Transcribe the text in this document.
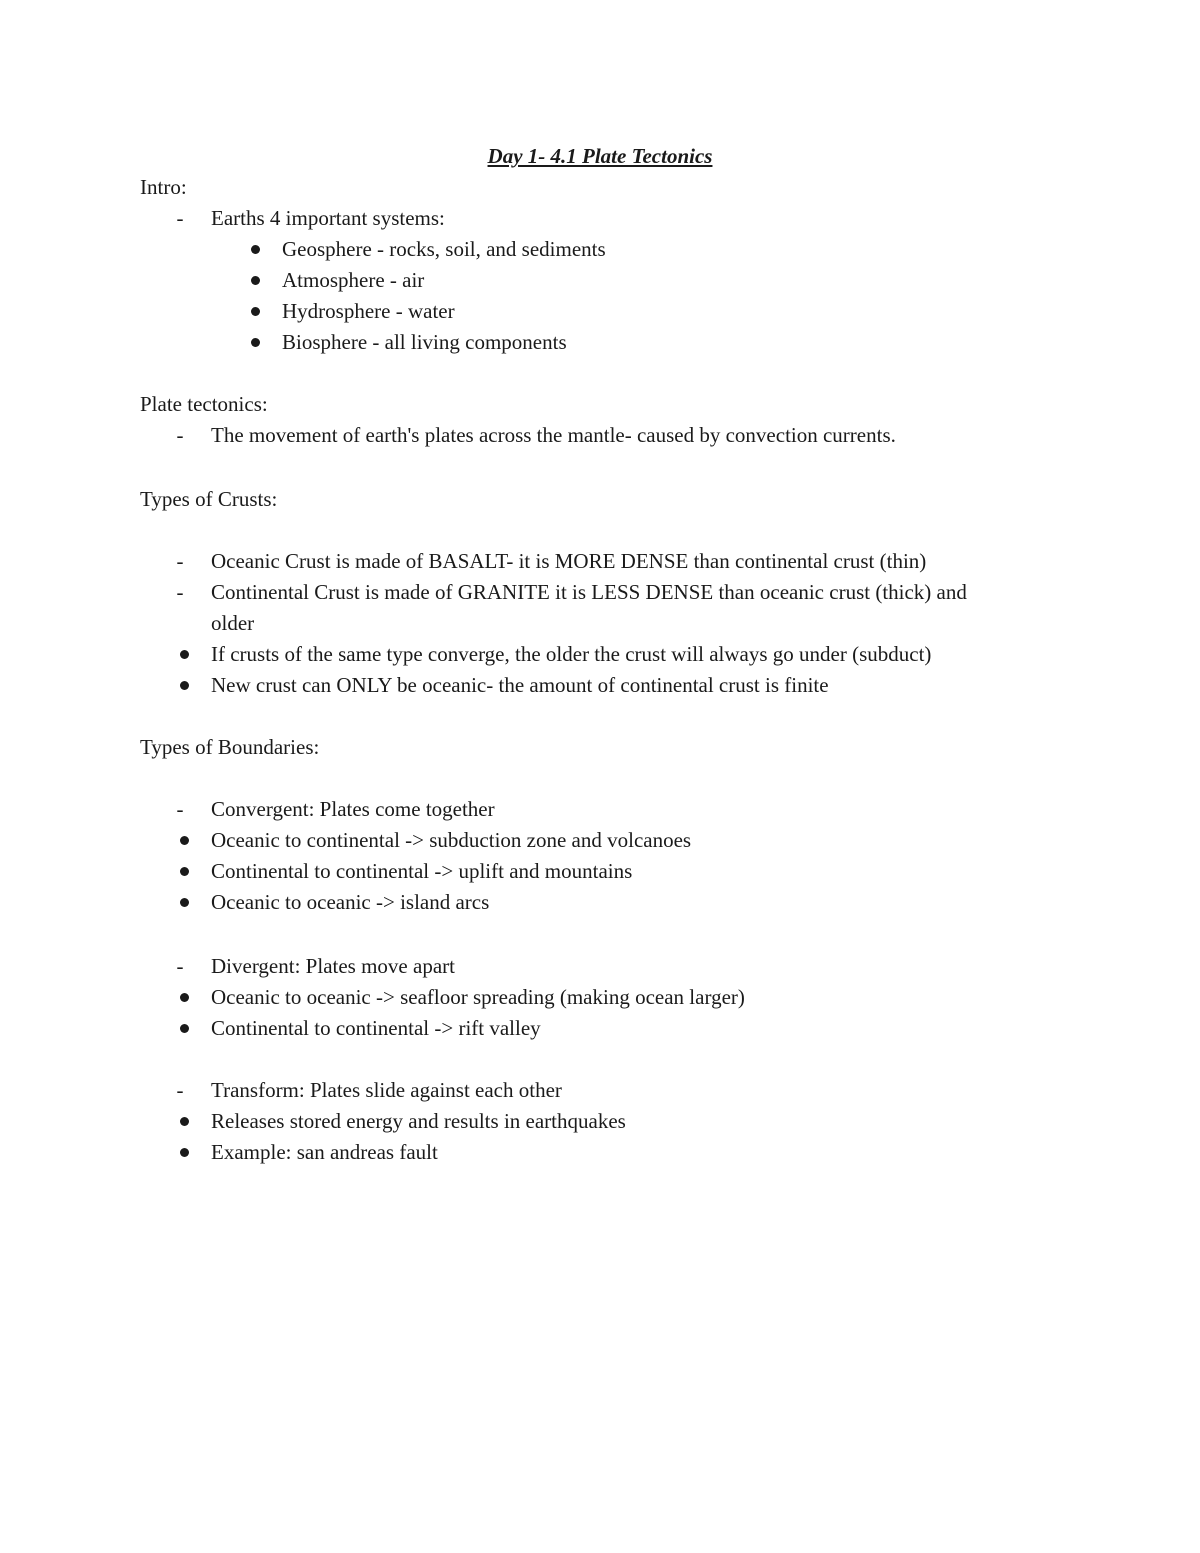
Day 1- 4.1 Plate Tectonics
Intro:
-
Earths 4 important systems:
Geosphere - rocks, soil, and sediments
Atmosphere - air
Hydrosphere - water
Biosphere - all living components
Plate tectonics:
-
The movement of earth's plates across the mantle- caused by convection currents.
Types of Crusts:
-
Oceanic Crust is made of BASALT- it is MORE DENSE than continental crust (thin)
-
Continental Crust is made of GRANITE it is LESS DENSE than oceanic crust (thick) and
older
If crusts of the same type converge, the older the crust will always go under (subduct)
New crust can ONLY be oceanic- the amount of continental crust is finite
Types of Boundaries:
-
Convergent: Plates come together
Oceanic to continental -> subduction zone and volcanoes
Continental to continental -> uplift and mountains
Oceanic to oceanic -> island arcs
-
Divergent: Plates move apart
Oceanic to oceanic -> seafloor spreading (making ocean larger)
Continental to continental -> rift valley
-
Transform: Plates slide against each other
Releases stored energy and results in earthquakes
Example: san andreas fault
